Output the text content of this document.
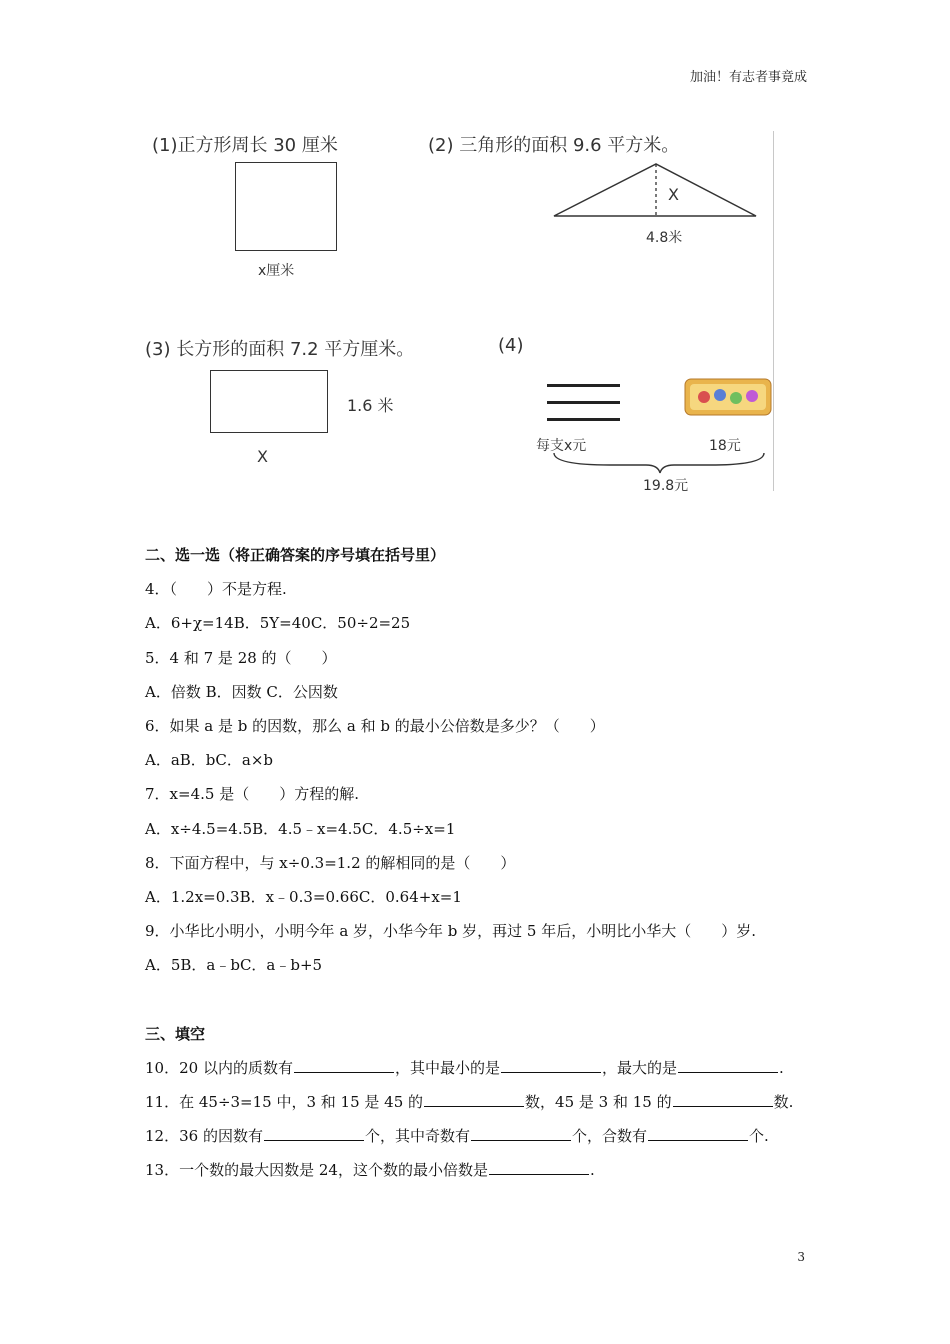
加油！有志者事竟成
(1)正方形周长 30 厘米
x厘米
(2) 三角形的面积 9.6 平方米。
X
4.8米
(3) 长方形的面积 7.2 平方厘米。
1.6 米
X
(4)
每支x元	18元
19.8元
二、选一选（将正确答案的序号填在括号里）
4．（　　）不是方程.
A．6+χ=14B．5Y=40C．50÷2=25
5．4 和 7 是 28 的（　　）
A．倍数 B．因数 C．公因数
6．如果 a 是 b 的因数，那么 a 和 b 的最小公倍数是多少？（　　）
A．aB．bC．a×b
7．x=4.5 是（　　）方程的解.
A．x÷4.5=4.5B．4.5﹣x=4.5C．4.5÷x=1
8．下面方程中，与 x÷0.3=1.2 的解相同的是（　　）
A．1.2x=0.3B．x﹣0.3=0.66C．0.64+x=1
9．小华比小明小，小明今年 a 岁，小华今年 b 岁，再过 5 年后，小明比小华大（　　）岁.
A．5B．a﹣bC．a﹣b+5
三、填空
10．20 以内的质数有	，其中最小的是	，最大的是	.
11．在 45÷3=15 中，3 和 15 是 45 的	数，45 是 3 和 15 的	数.
12．36 的因数有	个，其中奇数有	个，合数有	个.
13．一个数的最大因数是 24，这个数的最小倍数是	.
3
